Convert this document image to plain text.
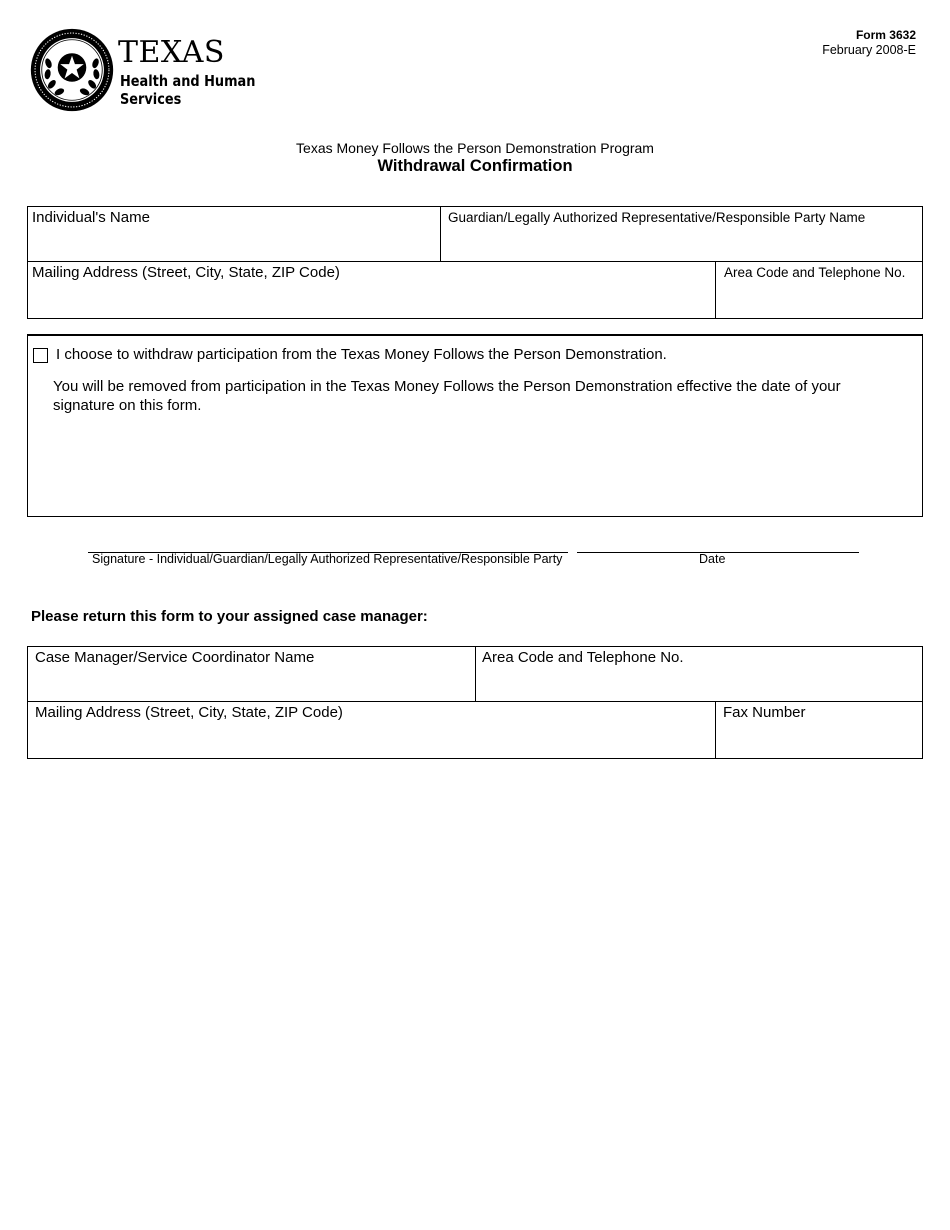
TEXAS
Health and Human
Services
Form 3632
February 2008-E
Texas Money Follows the Person Demonstration Program
Withdrawal Confirmation
Individual's Name	Guardian/Legally Authorized Representative/Responsible Party Name
Mailing Address (Street, City, State, ZIP Code)	Area Code and Telephone No.
I choose to withdraw participation from the Texas Money Follows the Person Demonstration.
You will be removed from participation in the Texas Money Follows the Person Demonstration effective the date of your signature on this form.
Signature - Individual/Guardian/Legally Authorized Representative/Responsible Party	Date
Please return this form to your assigned case manager:
Case Manager/Service Coordinator Name	Area Code and Telephone No.
Mailing Address (Street, City, State, ZIP Code)	Fax Number
